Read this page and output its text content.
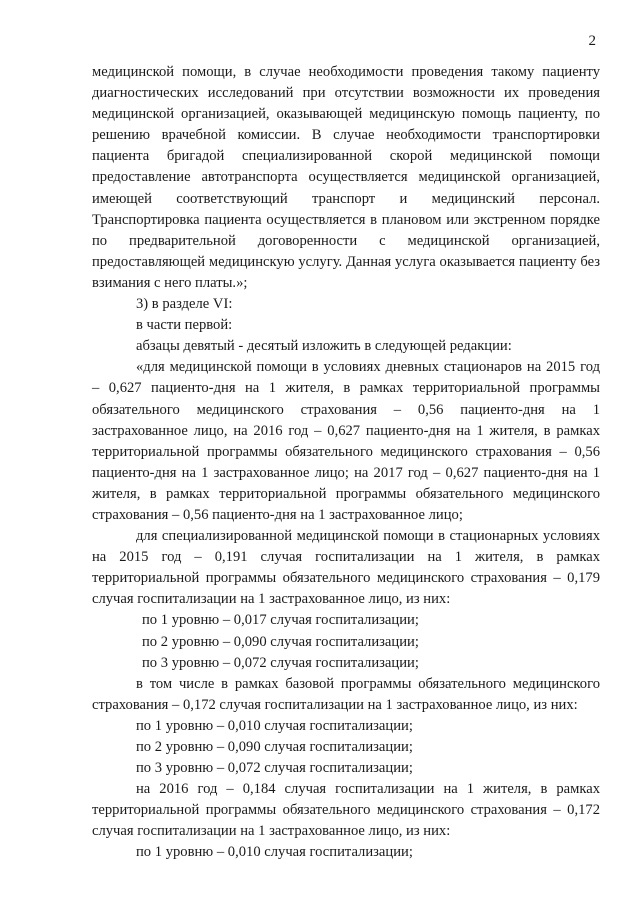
2

медицинской помощи, в случае необходимости проведения такому пациенту диагностических исследований при отсутствии возможности их проведения медицинской организацией, оказывающей медицинскую помощь пациенту, по решению врачебной комиссии. В случае необходимости транспортировки пациента бригадой специализированной скорой медицинской помощи предоставление автотранспорта осуществляется медицинской организацией, имеющей соответствующий транспорт и медицинский персонал. Транспортировка пациента осуществляется в плановом или экстренном порядке по предварительной договоренности с медицинской организацией, предоставляющей медицинскую услугу. Данная услуга оказывается пациенту без взимания с него платы.»;

3) в разделе VI:

в части первой:

абзацы девятый - десятый изложить в следующей редакции:

«для медицинской помощи в условиях дневных стационаров на 2015 год – 0,627 пациенто-дня на 1 жителя, в рамках территориальной программы обязательного медицинского страхования – 0,56 пациенто-дня на 1 застрахованное лицо, на 2016 год – 0,627 пациенто-дня на 1 жителя, в рамках территориальной программы обязательного медицинского страхования – 0,56 пациенто-дня на 1 застрахованное лицо; на 2017 год – 0,627 пациенто-дня на 1 жителя, в рамках территориальной программы обязательного медицинского страхования – 0,56 пациенто-дня на 1 застрахованное лицо;

для специализированной медицинской помощи в стационарных условиях на 2015 год – 0,191 случая госпитализации на 1 жителя, в рамках территориальной программы обязательного медицинского страхования – 0,179 случая госпитализации на 1 застрахованное лицо, из них:

по 1 уровню – 0,017 случая госпитализации;

по 2 уровню – 0,090 случая госпитализации;

по 3 уровню – 0,072 случая госпитализации;

в том числе в рамках базовой программы обязательного медицинского страхования – 0,172 случая госпитализации на 1 застрахованное лицо, из них:

по 1 уровню – 0,010 случая госпитализации;

по 2 уровню – 0,090 случая госпитализации;

по 3 уровню – 0,072 случая госпитализации;

на 2016 год – 0,184 случая госпитализации на 1 жителя, в рамках территориальной программы обязательного медицинского страхования – 0,172 случая госпитализации на 1 застрахованное лицо, из них:

по 1 уровню – 0,010 случая госпитализации;
